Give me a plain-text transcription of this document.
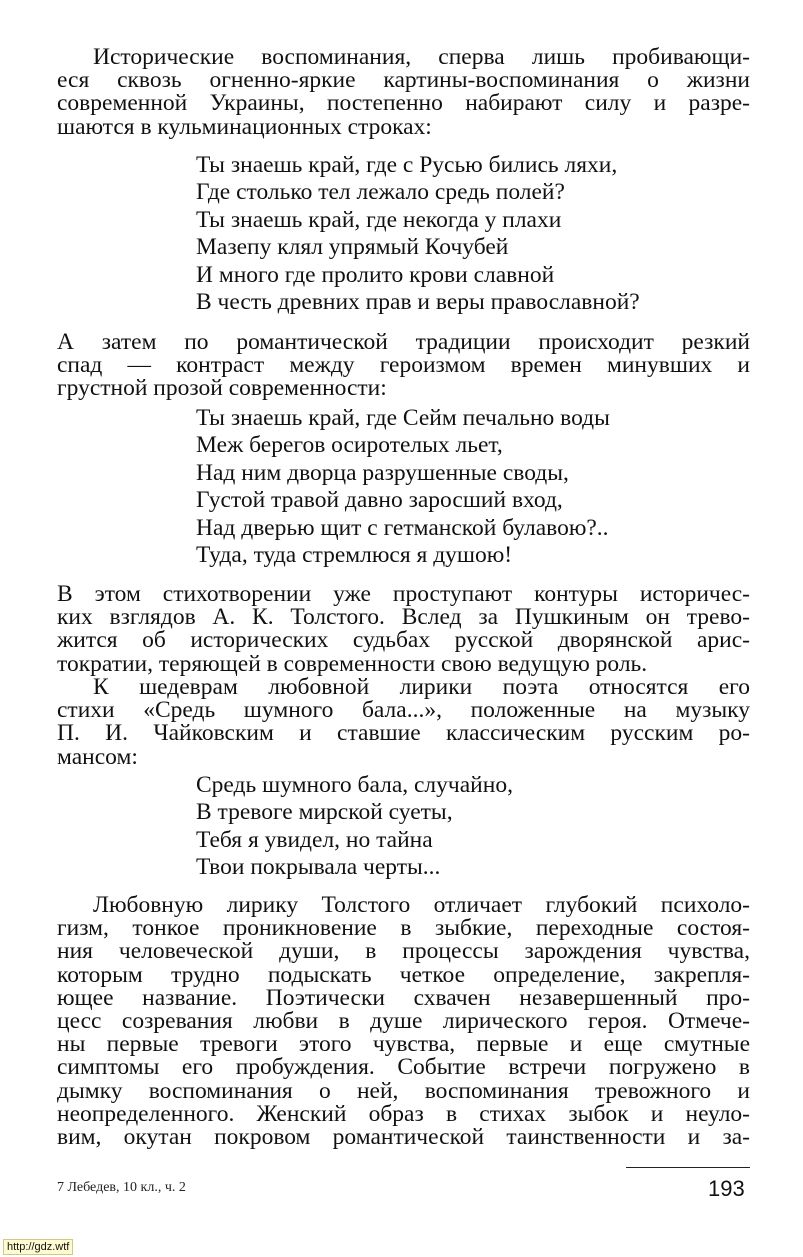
Исторические воспоминания, сперва лишь пробивающи-
еся сквозь огненно-яркие картины-воспоминания о жизни
современной Украины, постепенно набирают силу и разре-
шаются в кульминационных строках:
Ты знаешь край, где с Русью бились ляхи,
Где столько тел лежало средь полей?
Ты знаешь край, где некогда у плахи
Мазепу клял упрямый Кочубей
И много где пролито крови славной
В честь древних прав и веры православной?
А затем по романтической традиции происходит резкий
спад — контраст между героизмом времен минувших и
грустной прозой современности:
Ты знаешь край, где Сейм печально воды
Меж берегов осиротелых льет,
Над ним дворца разрушенные своды,
Густой травой давно заросший вход,
Над дверью щит с гетманской булавою?..
Туда, туда стремлюся я душою!
В этом стихотворении уже проступают контуры историчес-
ких взглядов А. К. Толстого. Вслед за Пушкиным он трево-
жится об исторических судьбах русской дворянской арис-
тократии, теряющей в современности свою ведущую роль.
К шедеврам любовной лирики поэта относятся его
стихи «Средь шумного бала...», положенные на музыку
П. И. Чайковским и ставшие классическим русским ро-
мансом:
Средь шумного бала, случайно,
В тревоге мирской суеты,
Тебя я увидел, но тайна
Твои покрывала черты...
Любовную лирику Толстого отличает глубокий психоло-
гизм, тонкое проникновение в зыбкие, переходные состоя-
ния человеческой души, в процессы зарождения чувства,
которым трудно подыскать четкое определение, закрепля-
ющее название. Поэтически схвачен незавершенный про-
цесс созревания любви в душе лирического героя. Отмече-
ны первые тревоги этого чувства, первые и еще смутные
симптомы его пробуждения. Событие встречи погружено в
дымку воспоминания о ней, воспоминания тревожного и
неопределенного. Женский образ в стихах зыбок и неуло-
вим, окутан покровом романтической таинственности и за-
7 Лебедев, 10 кл., ч. 2	193
http://gdz.wtf
